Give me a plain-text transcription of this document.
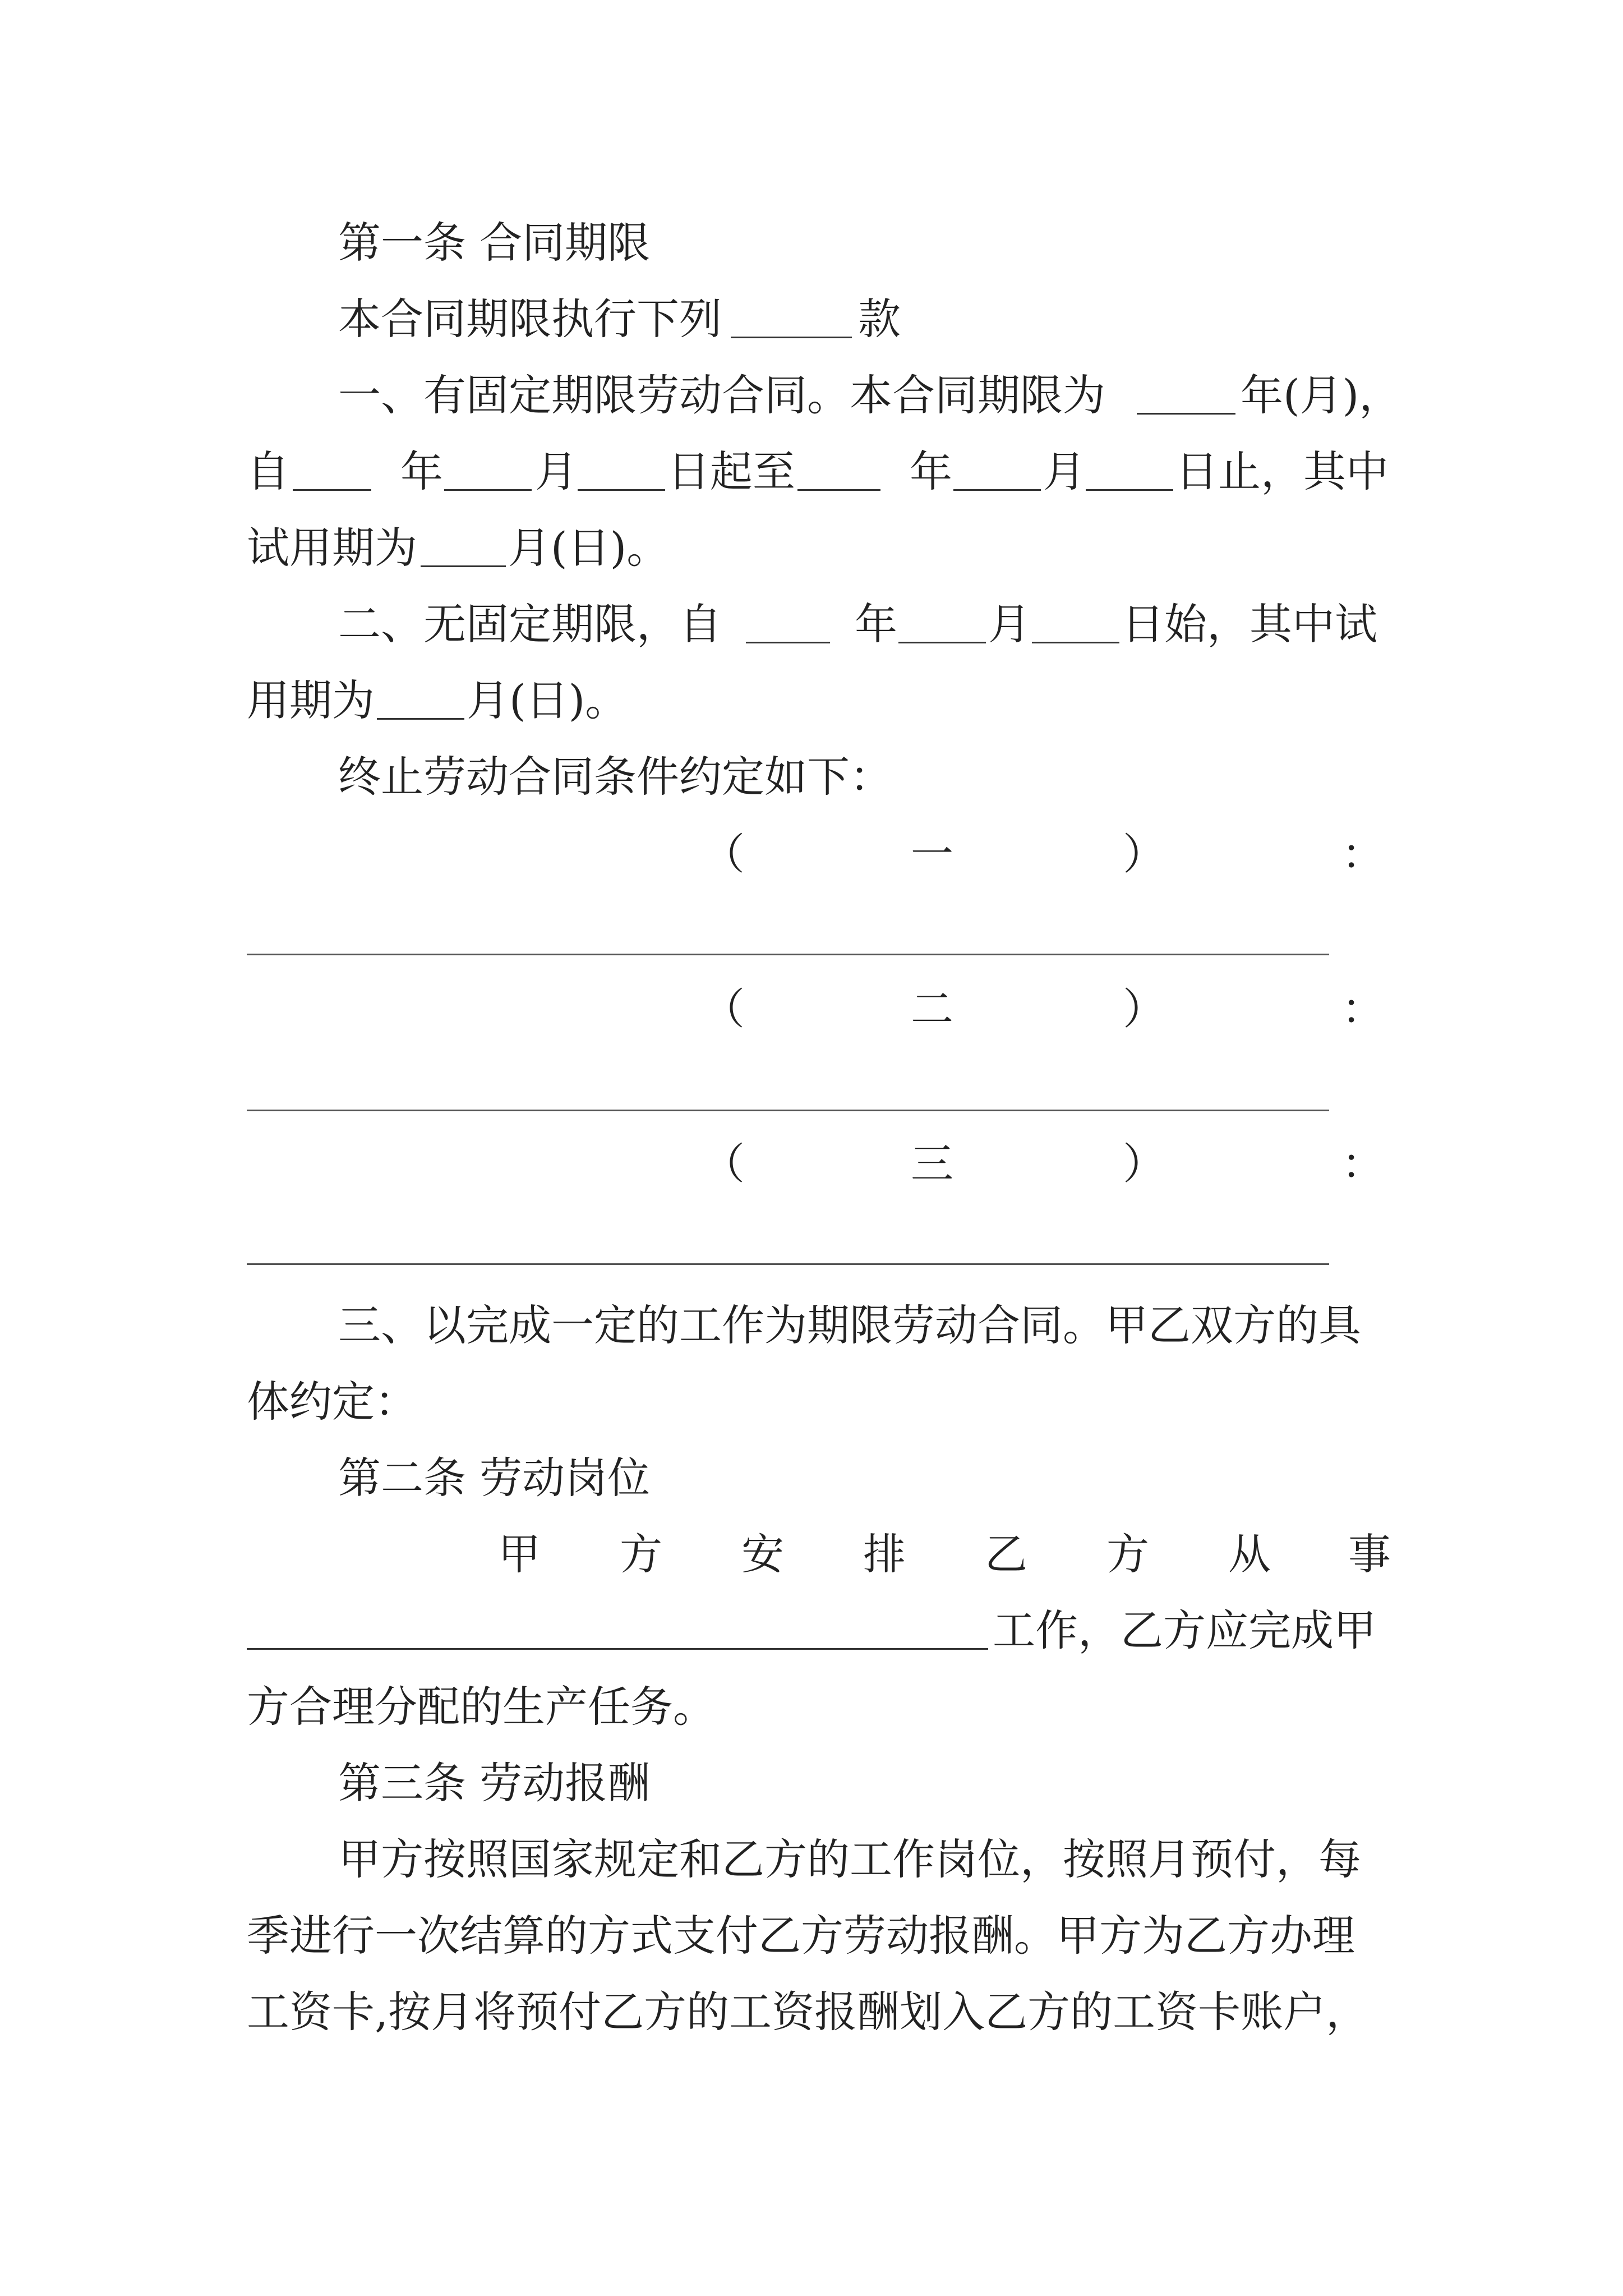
第一条 合同期限
本合同期限执行下列	款
一、有固定期限劳动合同。本合同期限为	年(月)，
自	年 月 日起至	年 月 日止，其中
试用期为 月(日)。
二、无固定期限，自	年 月 日始，其中试
用期为 月(日)。
终止劳动合同条件约定如下：
（	一	）	：
（	二	）	：
（	三	）	：
三、以完成一定的工作为期限劳动合同。甲乙双方的具
体约定：
第二条 劳动岗位
甲 方 安 排 乙 方 从 事
工作，乙方应完成甲
方合理分配的生产任务。
第三条 劳动报酬
甲方按照国家规定和乙方的工作岗位，按照月预付，每
季进行一次结算的方式支付乙方劳动报酬。甲方为乙方办理
工资卡,按月将预付乙方的工资报酬划入乙方的工资卡账户，
